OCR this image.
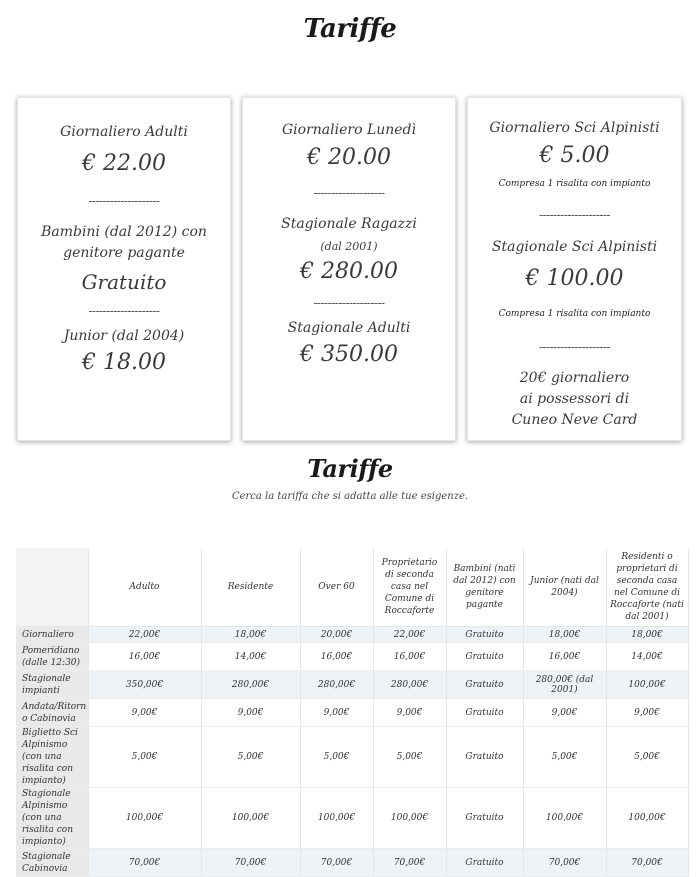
Tariffe
Giornaliero Adulti
€ 22.00
--------------------
Bambini (dal 2012) con
genitore pagante
Gratuito
--------------------
Junior (dal 2004)
€ 18.00
Giornaliero Lunedì
€ 20.00
--------------------
Stagionale Ragazzi
(dal 2001)
€ 280.00
--------------------
Stagionale Adulti
€ 350.00
Giornaliero Sci Alpinisti
€ 5.00
Compresa 1 risalita con impianto
--------------------
Stagionale Sci Alpinisti
€ 100.00
Compresa 1 risalita con impianto
--------------------
20€ giornaliero
ai possessori di
Cuneo Neve Card
Tariffe
Cerca la tariffa che si adatta alle tue esigenze.
	Adulto	Residente	Over 60	Proprietario di seconda casa nel Comune di Roccaforte	Bambini (nati dal 2012) con genitore pagante	Junior (nati dal 2004)	Residenti o proprietari di seconda casa nel Comune di Roccaforte (nati dal 2001)
Giornaliero	22,00€	18,00€	20,00€	22,00€	Gratuito	18,00€	18,00€
Pomeridiano (dalle 12:30)	16,00€	14,00€	16,00€	16,00€	Gratuito	16,00€	14,00€
Stagionale impianti	350,00€	280,00€	280,00€	280,00€	Gratuito	280,00€ (dal 2001)	100,00€
Andata/Ritorn o Cabinovia	9,00€	9,00€	9,00€	9,00€	Gratuito	9,00€	9,00€
Biglietto Sci Alpinismo (con una risalita con impianto)	5,00€	5,00€	5,00€	5,00€	Gratuito	5,00€	5,00€
Stagionale Alpinismo (con una risalita con impianto)	100,00€	100,00€	100,00€	100,00€	Gratuito	100,00€	100,00€
Stagionale Cabinovia	70,00€	70,00€	70,00€	70,00€	Gratuito	70,00€	70,00€
